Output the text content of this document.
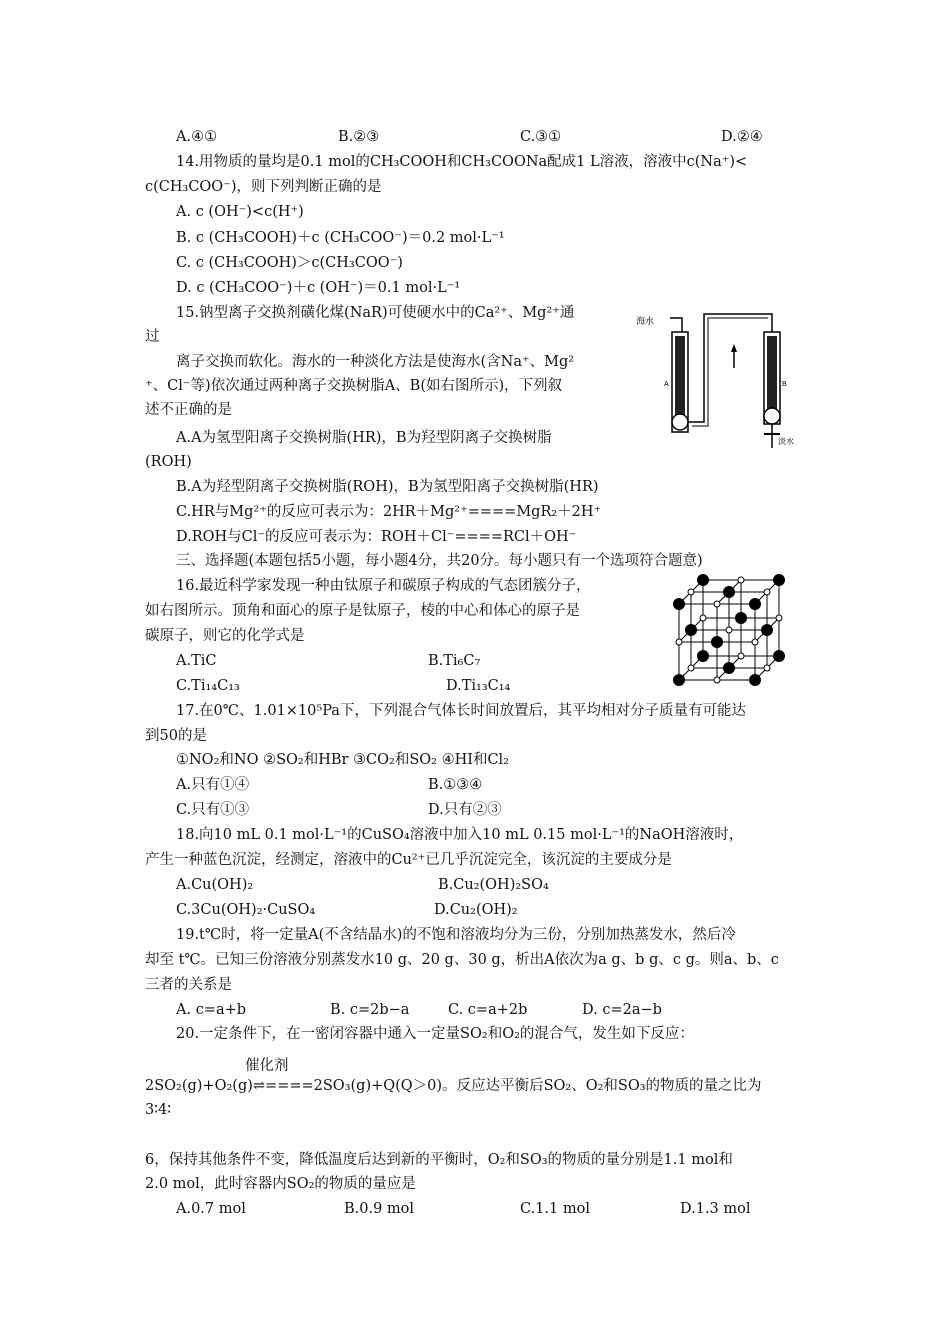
A.④①	B.②③	C.③①	D.②④
14.用物质的量均是0.1 mol的CH₃COOH和CH₃COONa配成1 L溶液，溶液中c(Na⁺)<
c(CH₃COO⁻)，则下列判断正确的是
A. c (OH⁻)<c(H⁺)
B. c (CH₃COOH)＋c (CH₃COO⁻)＝0.2 mol·L⁻¹
C. c (CH₃COOH)＞c(CH₃COO⁻)
D. c (CH₃COO⁻)＋c (OH⁻)＝0.1 mol·L⁻¹
15.钠型离子交换剂磺化煤(NaR)可使硬水中的Ca²⁺、Mg²⁺通
过
离子交换而软化。海水的一种淡化方法是使海水(含Na⁺、Mg²
⁺、Cl⁻等)依次通过两种离子交换树脂A、B(如右图所示)，下列叙
述不正确的是
A.A为氢型阳离子交换树脂(HR)，B为羟型阴离子交换树脂
(ROH)
B.A为羟型阴离子交换树脂(ROH)，B为氢型阳离子交换树脂(HR)
C.HR与Mg²⁺的反应可表示为：2HR＋Mg²⁺====MgR₂＋2H⁺
D.ROH与Cl⁻的反应可表示为：ROH＋Cl⁻====RCl＋OH⁻
海水
A	B
淡水
三、选择题(本题包括5小题，每小题4分，共20分。每小题只有一个选项符合题意)
16.最近科学家发现一种由钛原子和碳原子构成的气态团簇分子，
如右图所示。顶角和面心的原子是钛原子，棱的中心和体心的原子是
碳原子，则它的化学式是
A.TiC	B.Ti₆C₇
C.Ti₁₄C₁₃	D.Ti₁₃C₁₄
17.在0℃、1.01×10⁵Pa下，下列混合气体长时间放置后，其平均相对分子质量有可能达
到50的是
①NO₂和NO ②SO₂和HBr ③CO₂和SO₂ ④HI和Cl₂
A.只有①④	B.①③④
C.只有①③	D.只有②③
18.向10 mL 0.1 mol·L⁻¹的CuSO₄溶液中加入10 mL 0.15 mol·L⁻¹的NaOH溶液时，
产生一种蓝色沉淀，经测定，溶液中的Cu²⁺已几乎沉淀完全，该沉淀的主要成分是
A.Cu(OH)₂	B.Cu₂(OH)₂SO₄
C.3Cu(OH)₂·CuSO₄	D.Cu₂(OH)₂
19.t℃时，将一定量A(不含结晶水)的不饱和溶液均分为三份，分别加热蒸发水，然后冷
却至 t℃。已知三份溶液分别蒸发水10 g、20 g、30 g，析出A依次为a g、b g、c g。则a、b、c
三者的关系是
A. c=a+b	B. c=2b−a	C. c=a+2b	D. c=2a−b
20.一定条件下，在一密闭容器中通入一定量SO₂和O₂的混合气，发生如下反应：
催化剂
2SO₂(g)+O₂(g)⇌====2SO₃(g)+Q(Q＞0)。反应达平衡后SO₂、O₂和SO₃的物质的量之比为
3∶4∶
6，保持其他条件不变，降低温度后达到新的平衡时，O₂和SO₃的物质的量分别是1.1 mol和
2.0 mol，此时容器内SO₂的物质的量应是
A.0.7 mol	B.0.9 mol	C.1.1 mol	D.1.3 mol
